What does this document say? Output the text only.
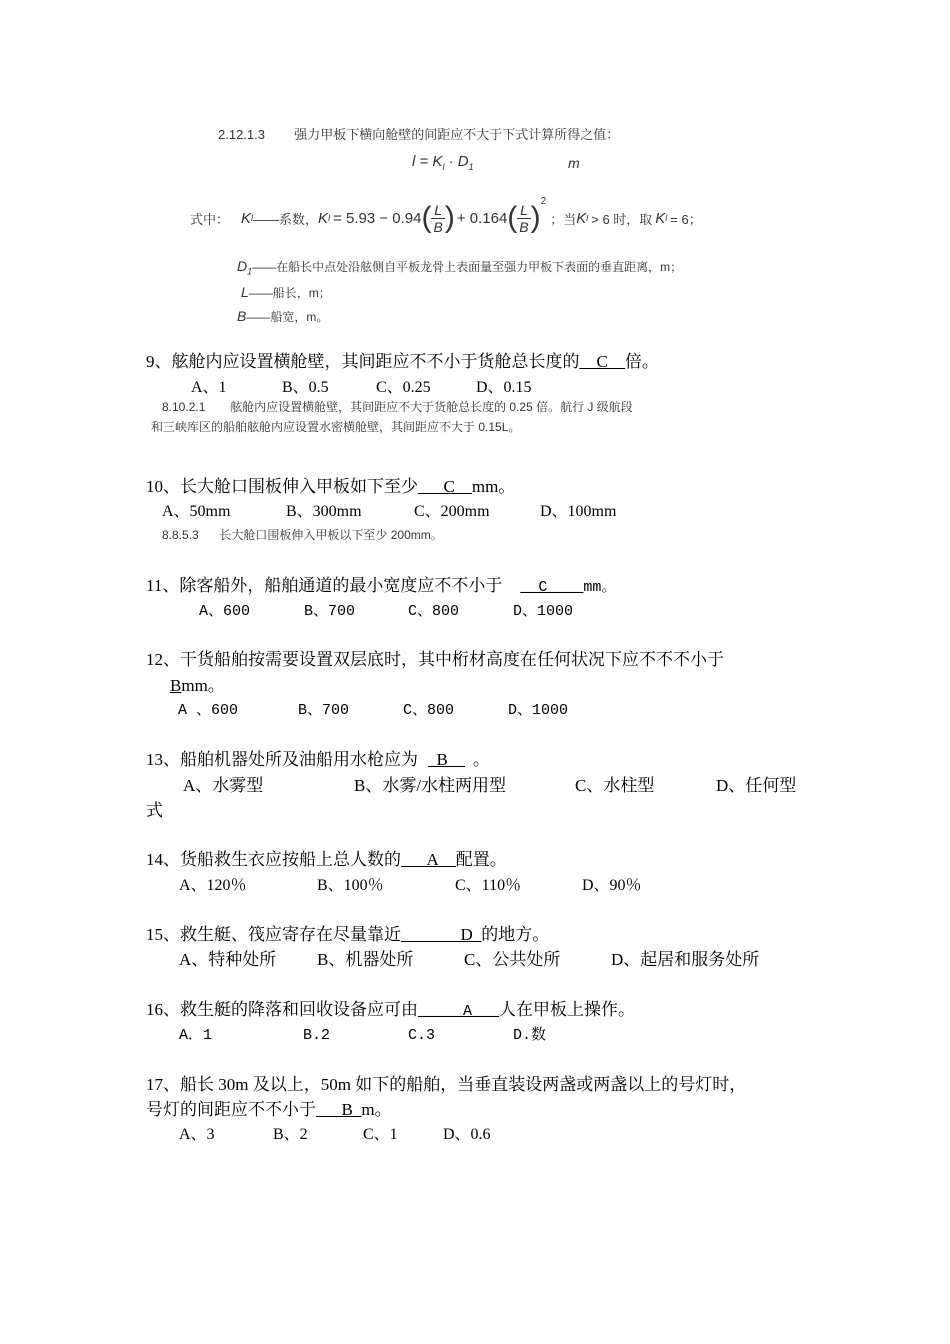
2.12.1.3 强力甲板下横向舱壁的间距应不大于下式计算所得之值：
$l = K_l \cdot D_1$	m
式中： K l ——系数， K l = 5.93 − 0.94 ( $\frac{L}{B}$ ) + 0.164 ( $\frac{L}{B} )^2$
；当 K l > 6 时，取 K l = 6；
$D_1——$在船长中点处沿舷侧自平板龙骨上表面量至强力甲板下表面的垂直距离，m；
L——船长，m；
B——船宽，m。
9、舷舱内应设置横舱壁，其间距应不不小于货舱总长度的__C__倍。
A、1	B、0.5	C、0.25	D、0.15
8.10.2.1 舷舱内应设置横舱壁，其间距应不大于货舱总长度的 0.25 倍。航行 J 级航段
和三峡库区的船舶舷舱内应设置水密横舱壁，其间距应不大于 0.15L。
10、长大舱口围板伸入甲板如下至少___C__mm。
A、50mm	B、300mm	C、200mm	D、100mm
8.8.5.3 长大舱口围板伸入甲板以下至少 200mm。
11、除客船外，船舶通道的最小宽度应不不小于 __C____mm。
A、600	B、700	C、800	D、1000
12、干货船舶按需要设置双层底时，其中桁材高度在任何状况下应不不不小于
Bmm。
A 、600	B、700	C、800	D、1000
13、船舶机器处所及油船用水枪应为 _B__ 。
A、水雾型	B、水雾/水柱两用型	C、水柱型	D、任何型
式
14、货船救生衣应按船上总人数的___A__配置。
A、120％	B、100％	C、110％	D、90％
15、救生艇、筏应寄存在尽量靠近_______D_的地方。
A、特种处所 B、机器处所	C、公共处所	D、起居和服务处所
16、救生艇的降落和回收设备应可由_____A___人在甲板上操作。
A．1	B.2	C.3	D.数
17、船长 30m 及以上，50m 如下的船舶，当垂直装设两盏或两盏以上的号灯时，
号灯的间距应不不小于___B_m。
A、3	B、2	C、1	D、0.6
